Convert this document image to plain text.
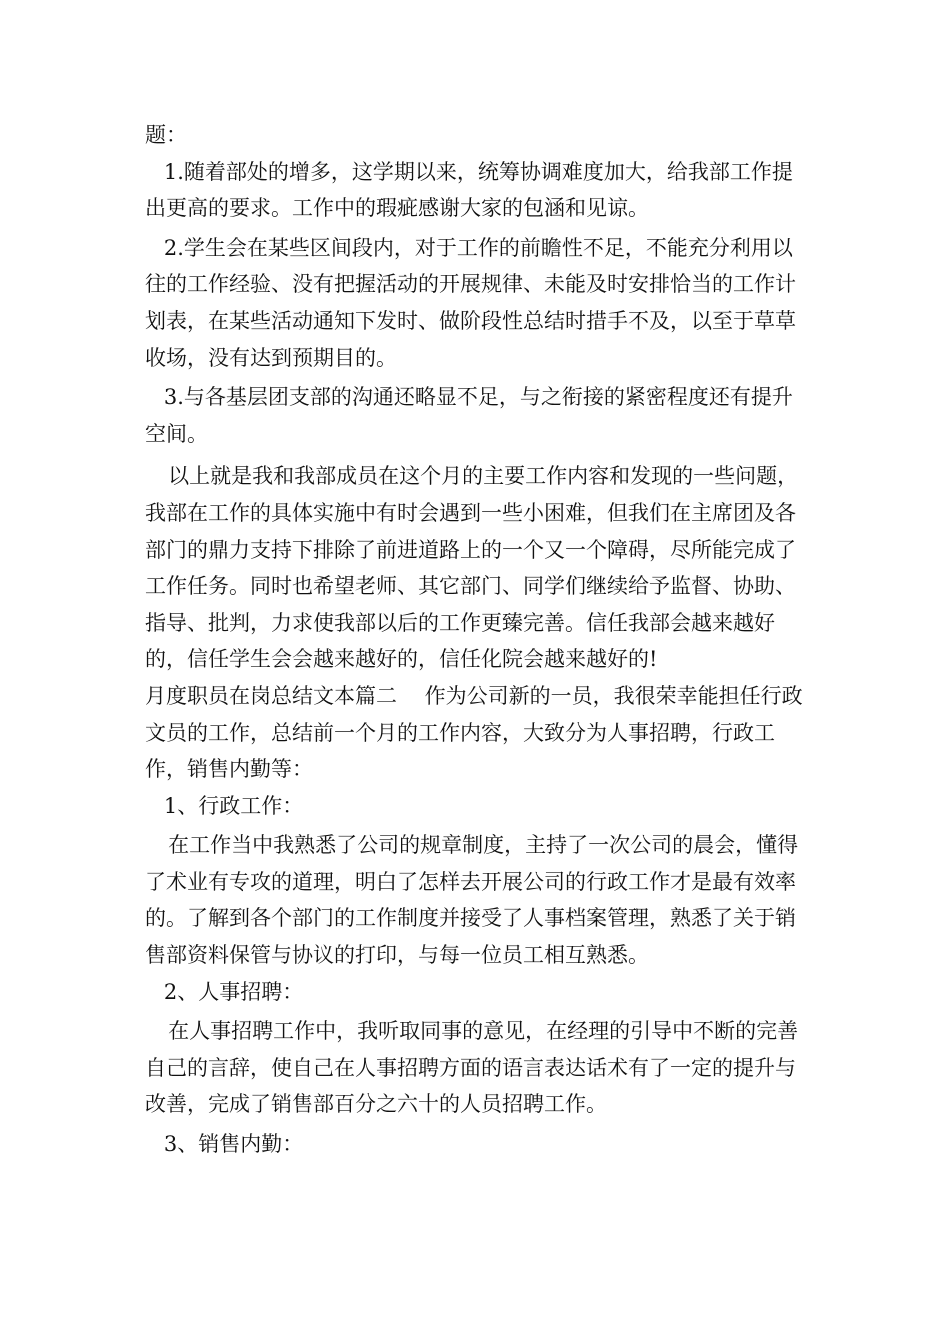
题：

1.随着部处的增多，这学期以来，统筹协调难度加大，给我部工作提出更高的要求。工作中的瑕疵感谢大家的包涵和见谅。

2.学生会在某些区间段内，对于工作的前瞻性不足，不能充分利用以往的工作经验、没有把握活动的开展规律、未能及时安排恰当的工作计划表，在某些活动通知下发时、做阶段性总结时措手不及，以至于草草收场，没有达到预期目的。

3.与各基层团支部的沟通还略显不足，与之衔接的紧密程度还有提升空间。

以上就是我和我部成员在这个月的主要工作内容和发现的一些问题，我部在工作的具体实施中有时会遇到一些小困难，但我们在主席团及各部门的鼎力支持下排除了前进道路上的一个又一个障碍，尽所能完成了工作任务。同时也希望老师、其它部门、同学们继续给予监督、协助、指导、批判，力求使我部以后的工作更臻完善。信任我部会越来越好的，信任学生会会越来越好的，信任化院会越来越好的!

月度职员在岗总结文本篇二　 作为公司新的一员，我很荣幸能担任行政文员的工作，总结前一个月的工作内容，大致分为人事招聘，行政工作，销售内勤等：

1、行政工作：

在工作当中我熟悉了公司的规章制度，主持了一次公司的晨会，懂得了术业有专攻的道理，明白了怎样去开展公司的行政工作才是最有效率的。了解到各个部门的工作制度并接受了人事档案管理，熟悉了关于销售部资料保管与协议的打印，与每一位员工相互熟悉。

2、人事招聘：

在人事招聘工作中，我听取同事的意见，在经理的引导中不断的完善自己的言辞，使自己在人事招聘方面的语言表达话术有了一定的提升与改善，完成了销售部百分之六十的人员招聘工作。

3、销售内勤：
